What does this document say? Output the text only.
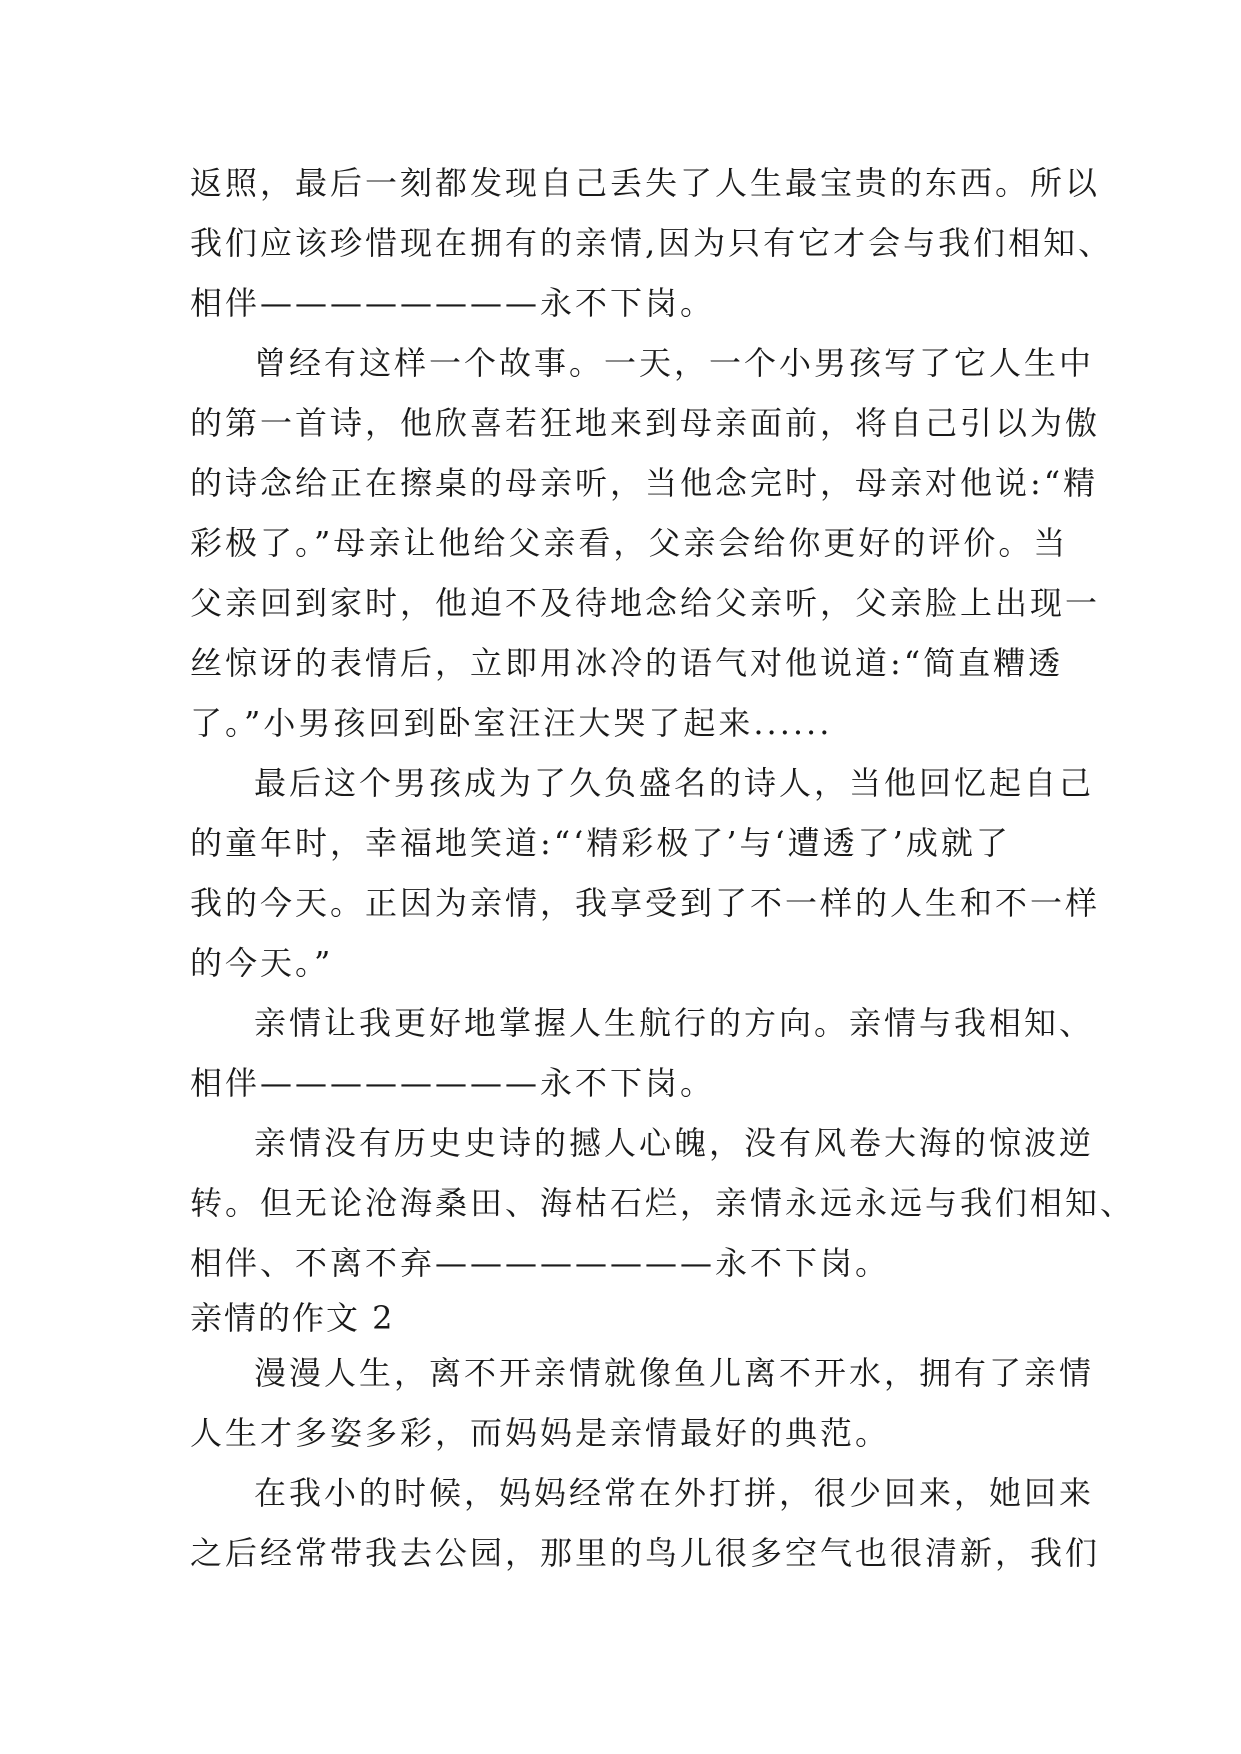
返照，最后一刻都发现自己丢失了人生最宝贵的东西。所以
我们应该珍惜现在拥有的亲情,因为只有它才会与我们相知、
相伴————————永不下岗。
曾经有这样一个故事。一天，一个小男孩写了它人生中
的第一首诗，他欣喜若狂地来到母亲面前，将自己引以为傲
的诗念给正在擦桌的母亲听，当他念完时，母亲对他说:“精
彩极了。”母亲让他给父亲看，父亲会给你更好的评价。当
父亲回到家时，他迫不及待地念给父亲听，父亲脸上出现一
丝惊讶的表情后，立即用冰冷的语气对他说道:“简直糟透
了。”小男孩回到卧室汪汪大哭了起来......
最后这个男孩成为了久负盛名的诗人，当他回忆起自己
的童年时，幸福地笑道:“‘精彩极了’与‘遭透了’成就了
我的今天。正因为亲情，我享受到了不一样的人生和不一样
的今天。”
亲情让我更好地掌握人生航行的方向。亲情与我相知、
相伴————————永不下岗。
亲情没有历史史诗的撼人心魄，没有风卷大海的惊波逆
转。但无论沧海桑田、海枯石烂，亲情永远永远与我们相知、
相伴、不离不弃————————永不下岗。
亲情的作文 2
漫漫人生，离不开亲情就像鱼儿离不开水，拥有了亲情
人生才多姿多彩，而妈妈是亲情最好的典范。
在我小的时候，妈妈经常在外打拼，很少回来，她回来
之后经常带我去公园，那里的鸟儿很多空气也很清新，我们
